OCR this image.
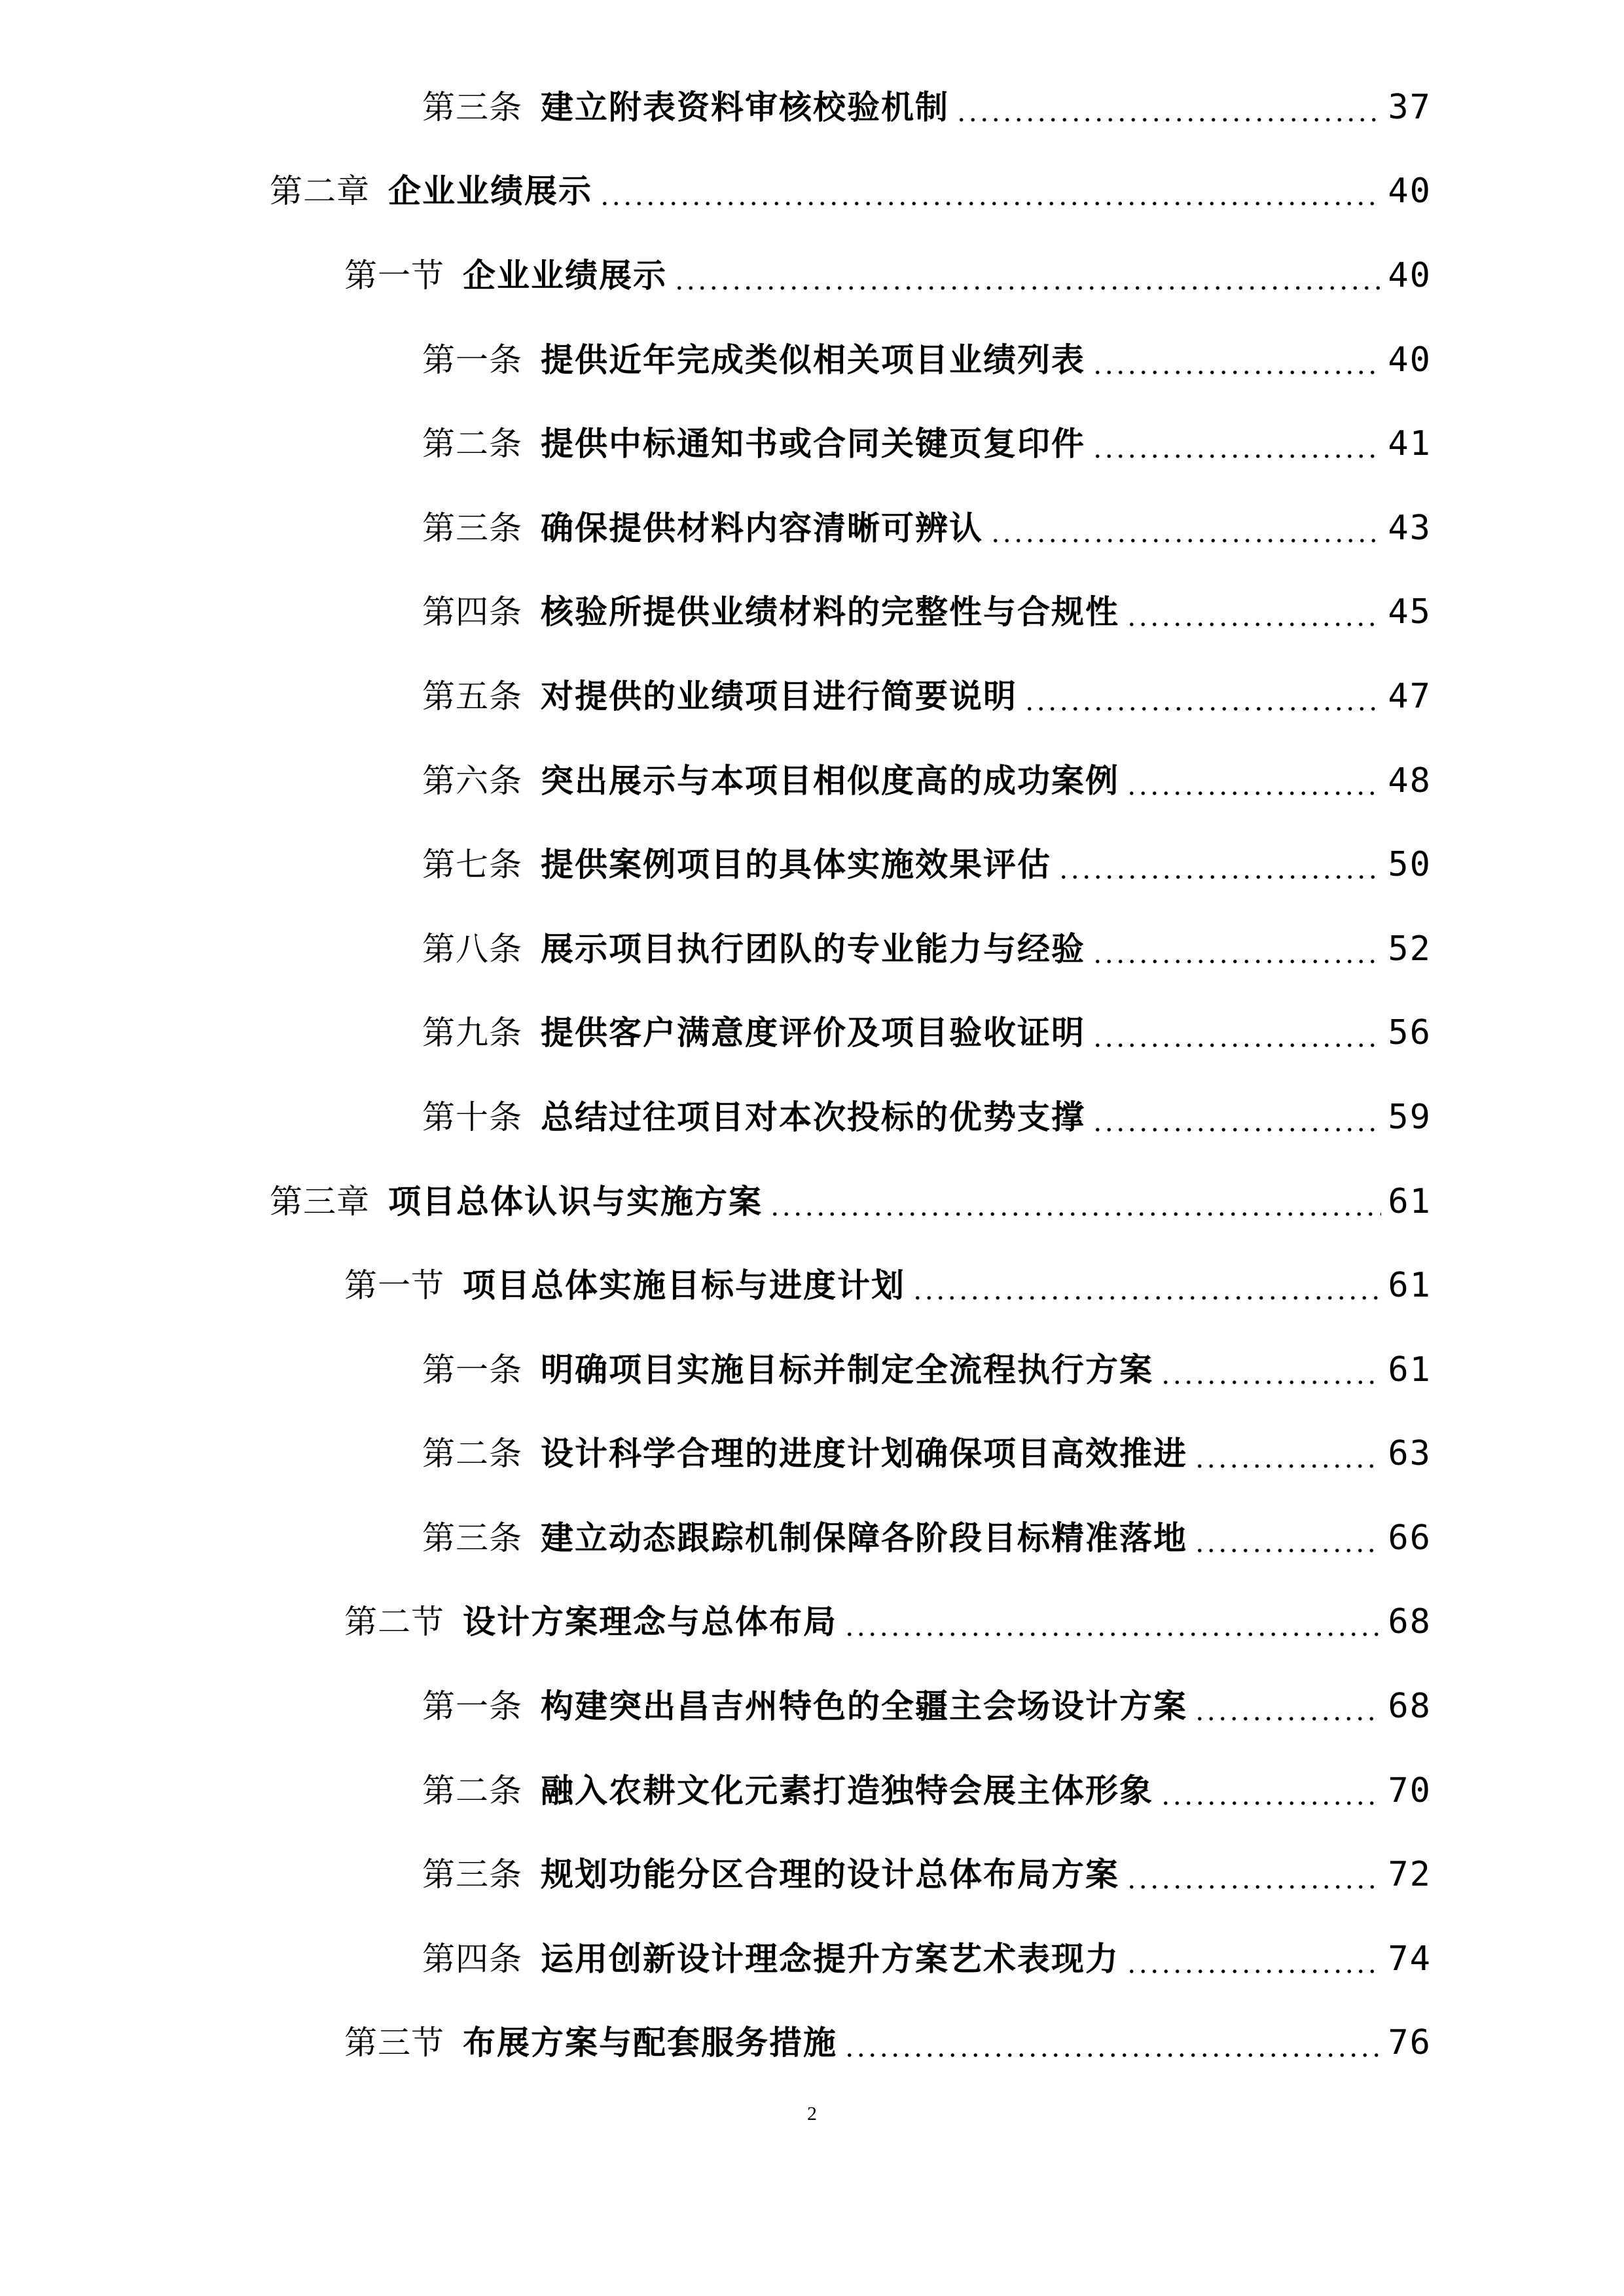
第三条 建立附表资料审核校验机制	37
第二章 企业业绩展示	40
第一节 企业业绩展示	40
第一条 提供近年完成类似相关项目业绩列表	40
第二条 提供中标通知书或合同关键页复印件	41
第三条 确保提供材料内容清晰可辨认	43
第四条 核验所提供业绩材料的完整性与合规性	45
第五条 对提供的业绩项目进行简要说明	47
第六条 突出展示与本项目相似度高的成功案例	48
第七条 提供案例项目的具体实施效果评估	50
第八条 展示项目执行团队的专业能力与经验	52
第九条 提供客户满意度评价及项目验收证明	56
第十条 总结过往项目对本次投标的优势支撑	59
第三章 项目总体认识与实施方案	61
第一节 项目总体实施目标与进度计划	61
第一条 明确项目实施目标并制定全流程执行方案	61
第二条 设计科学合理的进度计划确保项目高效推进	63
第三条 建立动态跟踪机制保障各阶段目标精准落地	66
第二节 设计方案理念与总体布局	68
第一条 构建突出昌吉州特色的全疆主会场设计方案	68
第二条 融入农耕文化元素打造独特会展主体形象	70
第三条 规划功能分区合理的设计总体布局方案	72
第四条 运用创新设计理念提升方案艺术表现力	74
第三节 布展方案与配套服务措施	76
2
